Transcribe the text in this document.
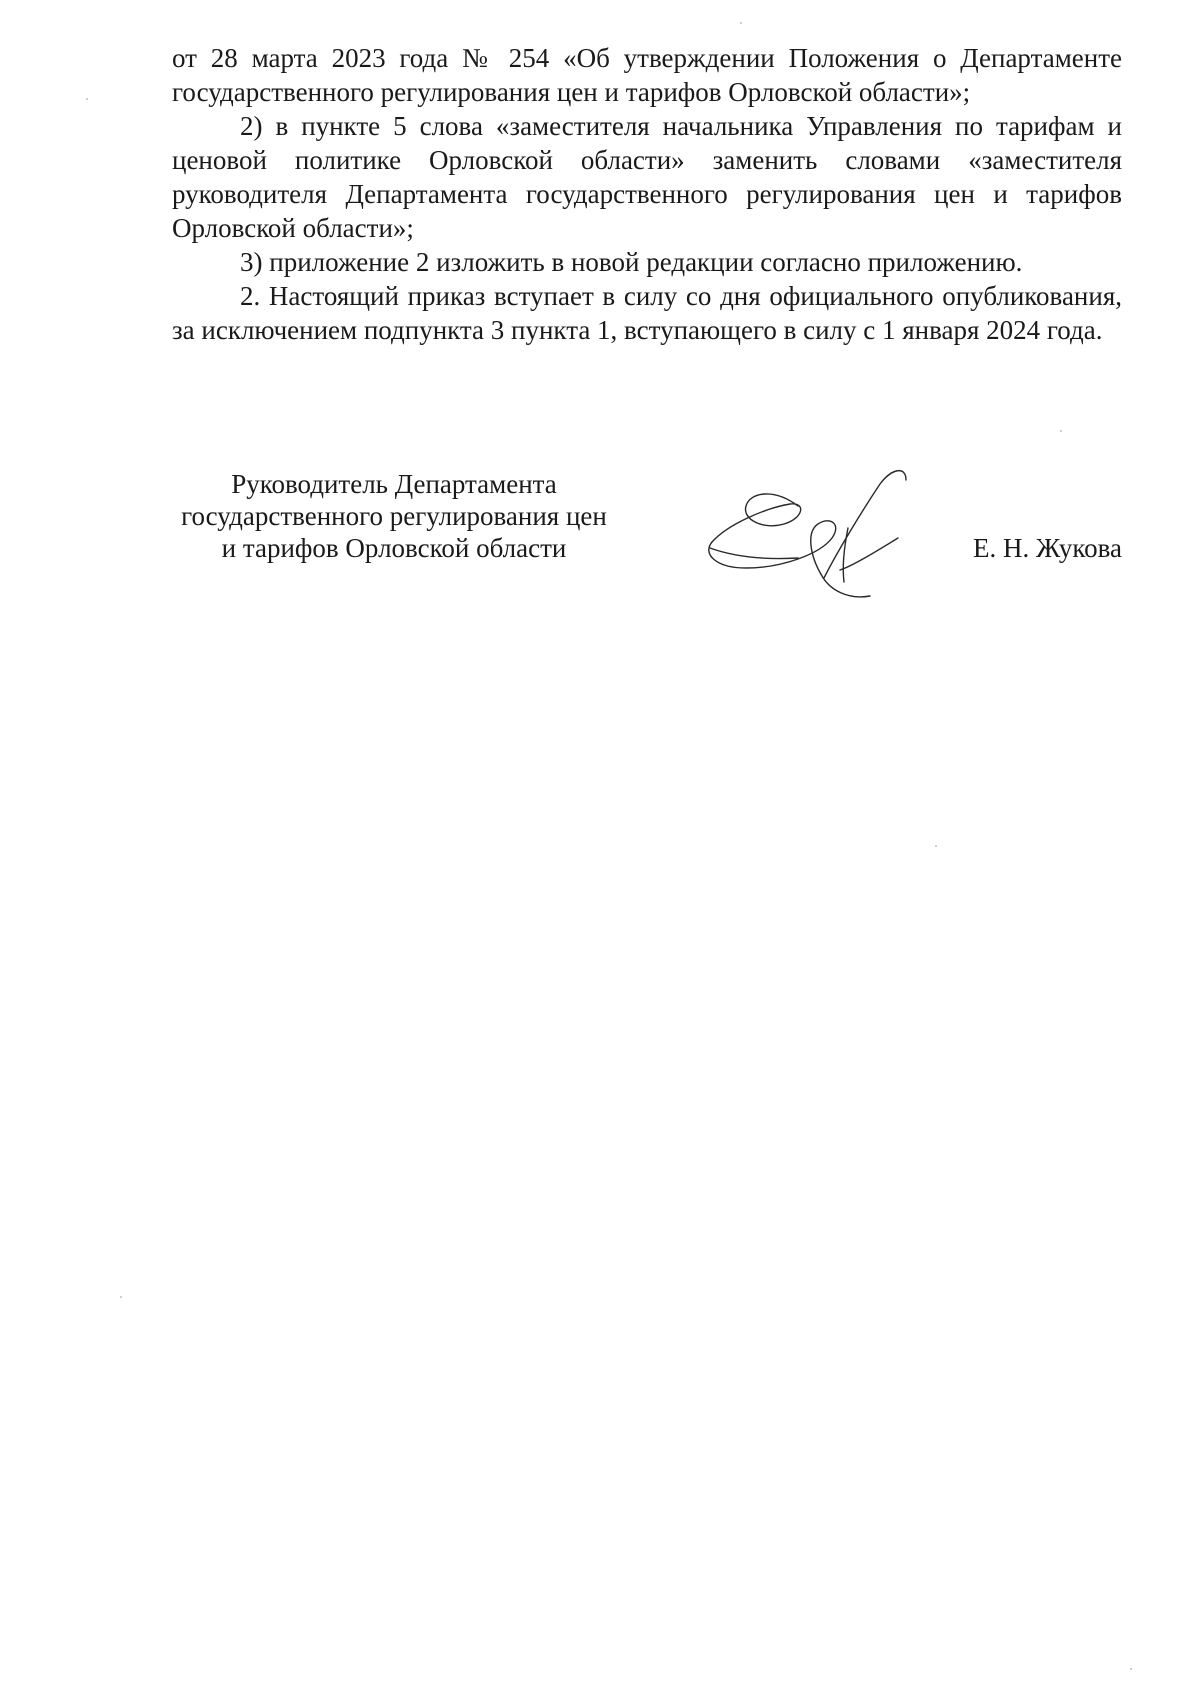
от 28 марта 2023 года № 254 «Об утверждении Положения о Департаменте государственного регулирования цен и тарифов Орловской области»;

2) в пункте 5 слова «заместителя начальника Управления по тарифам и ценовой политике Орловской области» заменить словами «заместителя руководителя Департамента государственного регулирования цен и тарифов Орловской области»;

3) приложение 2 изложить в новой редакции согласно приложению.

2. Настоящий приказ вступает в силу со дня официального опубликования, за исключением подпункта 3 пункта 1, вступающего в силу с 1 января 2024 года.

Руководитель Департамента
государственного регулирования цен
и тарифов Орловской области	Е. Н. Жукова
